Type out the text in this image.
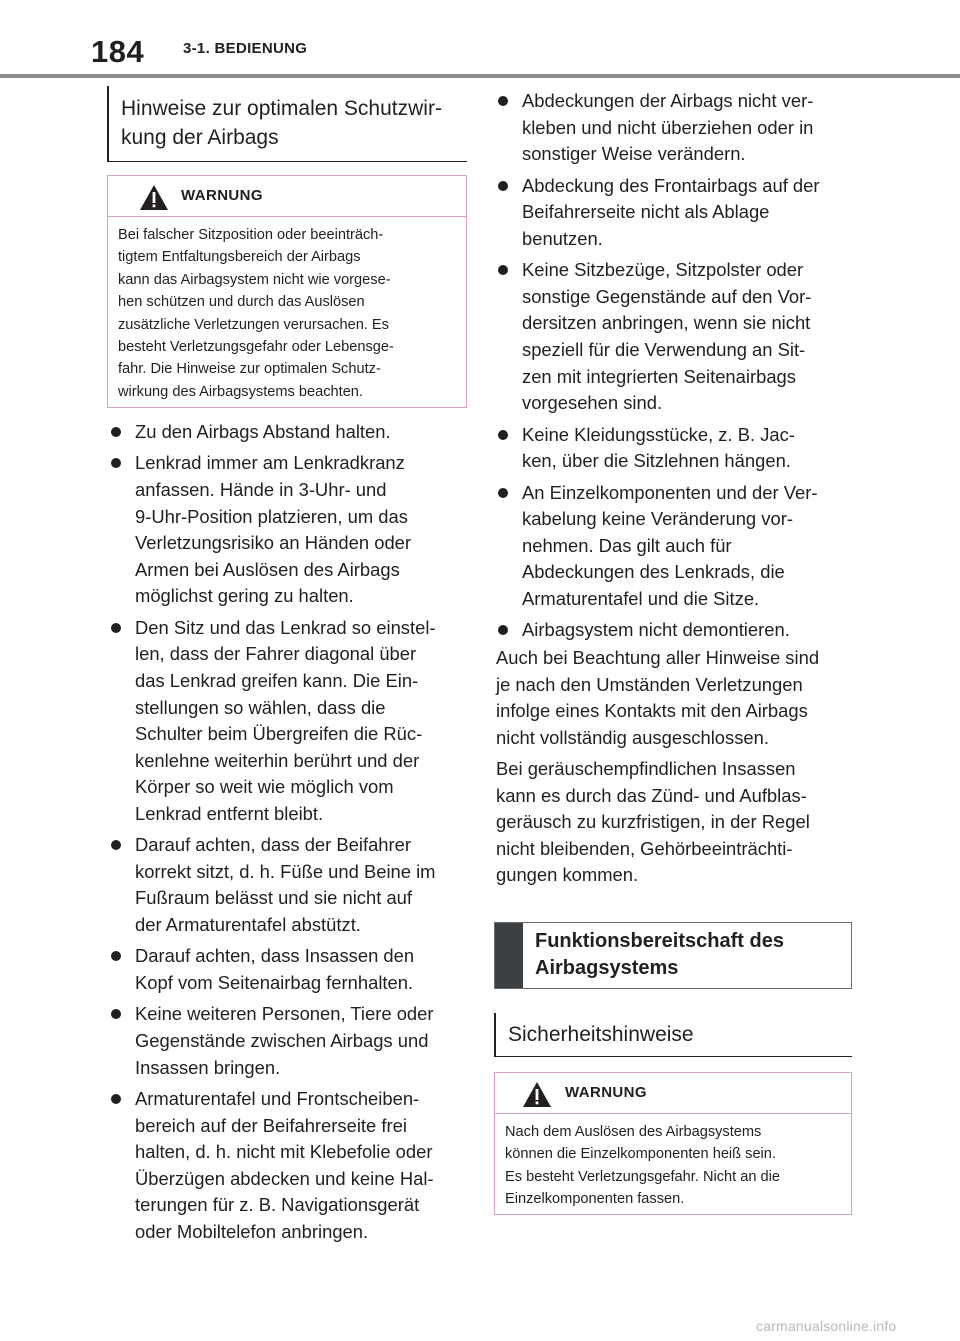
184	3-1. BEDIENUNG
Hinweise zur optimalen Schutzwir-
kung der Airbags
WARNUNG
Bei falscher Sitzposition oder beeinträch-
tigtem Entfaltungsbereich der Airbags
kann das Airbagsystem nicht wie vorgese-
hen schützen und durch das Auslösen
zusätzliche Verletzungen verursachen. Es
besteht Verletzungsgefahr oder Lebensge-
fahr. Die Hinweise zur optimalen Schutz-
wirkung des Airbagsystems beachten.
Zu den Airbags Abstand halten.
Lenkrad immer am Lenkradkranz
anfassen. Hände in 3-Uhr- und
9-Uhr-Position platzieren, um das
Verletzungsrisiko an Händen oder
Armen bei Auslösen des Airbags
möglichst gering zu halten.
Den Sitz und das Lenkrad so einstel-
len, dass der Fahrer diagonal über
das Lenkrad greifen kann. Die Ein-
stellungen so wählen, dass die
Schulter beim Übergreifen die Rüc-
kenlehne weiterhin berührt und der
Körper so weit wie möglich vom
Lenkrad entfernt bleibt.
Darauf achten, dass der Beifahrer
korrekt sitzt, d. h. Füße und Beine im
Fußraum belässt und sie nicht auf
der Armaturentafel abstützt.
Darauf achten, dass Insassen den
Kopf vom Seitenairbag fernhalten.
Keine weiteren Personen, Tiere oder
Gegenstände zwischen Airbags und
Insassen bringen.
Armaturentafel und Frontscheiben-
bereich auf der Beifahrerseite frei
halten, d. h. nicht mit Klebefolie oder
Überzügen abdecken und keine Hal-
terungen für z. B. Navigationsgerät
oder Mobiltelefon anbringen.
Abdeckungen der Airbags nicht ver-
kleben und nicht überziehen oder in
sonstiger Weise verändern.
Abdeckung des Frontairbags auf der
Beifahrerseite nicht als Ablage
benutzen.
Keine Sitzbezüge, Sitzpolster oder
sonstige Gegenstände auf den Vor-
dersitzen anbringen, wenn sie nicht
speziell für die Verwendung an Sit-
zen mit integrierten Seitenairbags
vorgesehen sind.
Keine Kleidungsstücke, z. B. Jac-
ken, über die Sitzlehnen hängen.
An Einzelkomponenten und der Ver-
kabelung keine Veränderung vor-
nehmen. Das gilt auch für
Abdeckungen des Lenkrads, die
Armaturentafel und die Sitze.
Airbagsystem nicht demontieren.
Auch bei Beachtung aller Hinweise sind
je nach den Umständen Verletzungen
infolge eines Kontakts mit den Airbags
nicht vollständig ausgeschlossen.
Bei geräuschempfindlichen Insassen
kann es durch das Zünd- und Aufblas-
geräusch zu kurzfristigen, in der Regel
nicht bleibenden, Gehörbeeinträchti-
gungen kommen.
Funktionsbereitschaft des
Airbagsystems
Sicherheitshinweise
WARNUNG
Nach dem Auslösen des Airbagsystems
können die Einzelkomponenten heiß sein.
Es besteht Verletzungsgefahr. Nicht an die
Einzelkomponenten fassen.
carmanualsonline.info
